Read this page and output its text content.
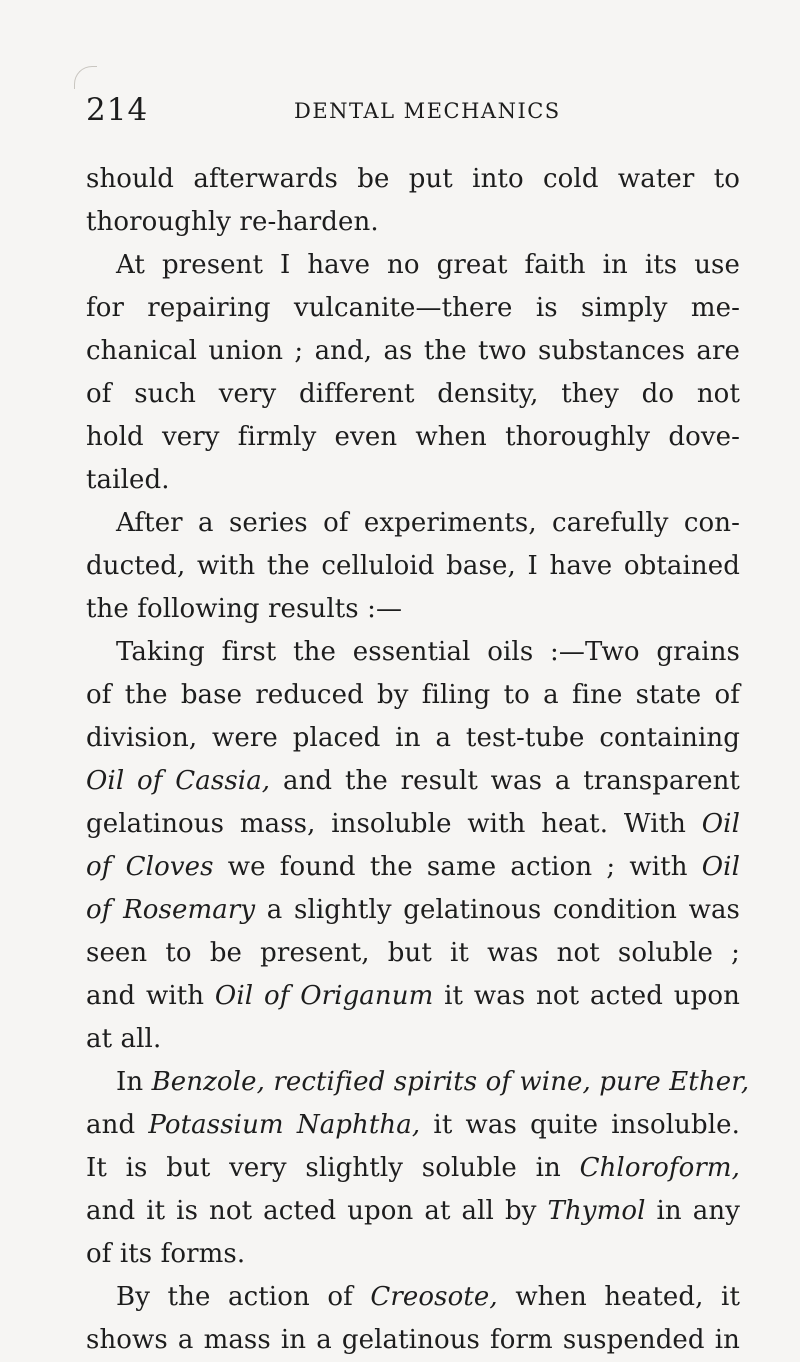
214	DENTAL MECHANICS
should afterwards be put into cold water to
thoroughly re-harden.
At present I have no great faith in its use
for repairing vulcanite—there is simply me-
chanical union ; and, as the two substances are
of such very different density, they do not
hold very firmly even when thoroughly dove-
tailed.
After a series of experiments, carefully con-
ducted, with the celluloid base, I have obtained
the following results :—
Taking first the essential oils :—Two grains
of the base reduced by filing to a fine state of
division, were placed in a test-tube containing
Oil of Cassia, and the result was a transparent
gelatinous mass, insoluble with heat. With Oil
of Cloves we found the same action ; with Oil
of Rosemary a slightly gelatinous condition was
seen to be present, but it was not soluble ;
and with Oil of Origanum it was not acted upon
at all.
In Benzole, rectified spirits of wine, pure Ether,
and Potassium Naphtha, it was quite insoluble.
It is but very slightly soluble in Chloroform,
and it is not acted upon at all by Thymol in any
of its forms.
By the action of Creosote, when heated, it
shows a mass in a gelatinous form suspended in
